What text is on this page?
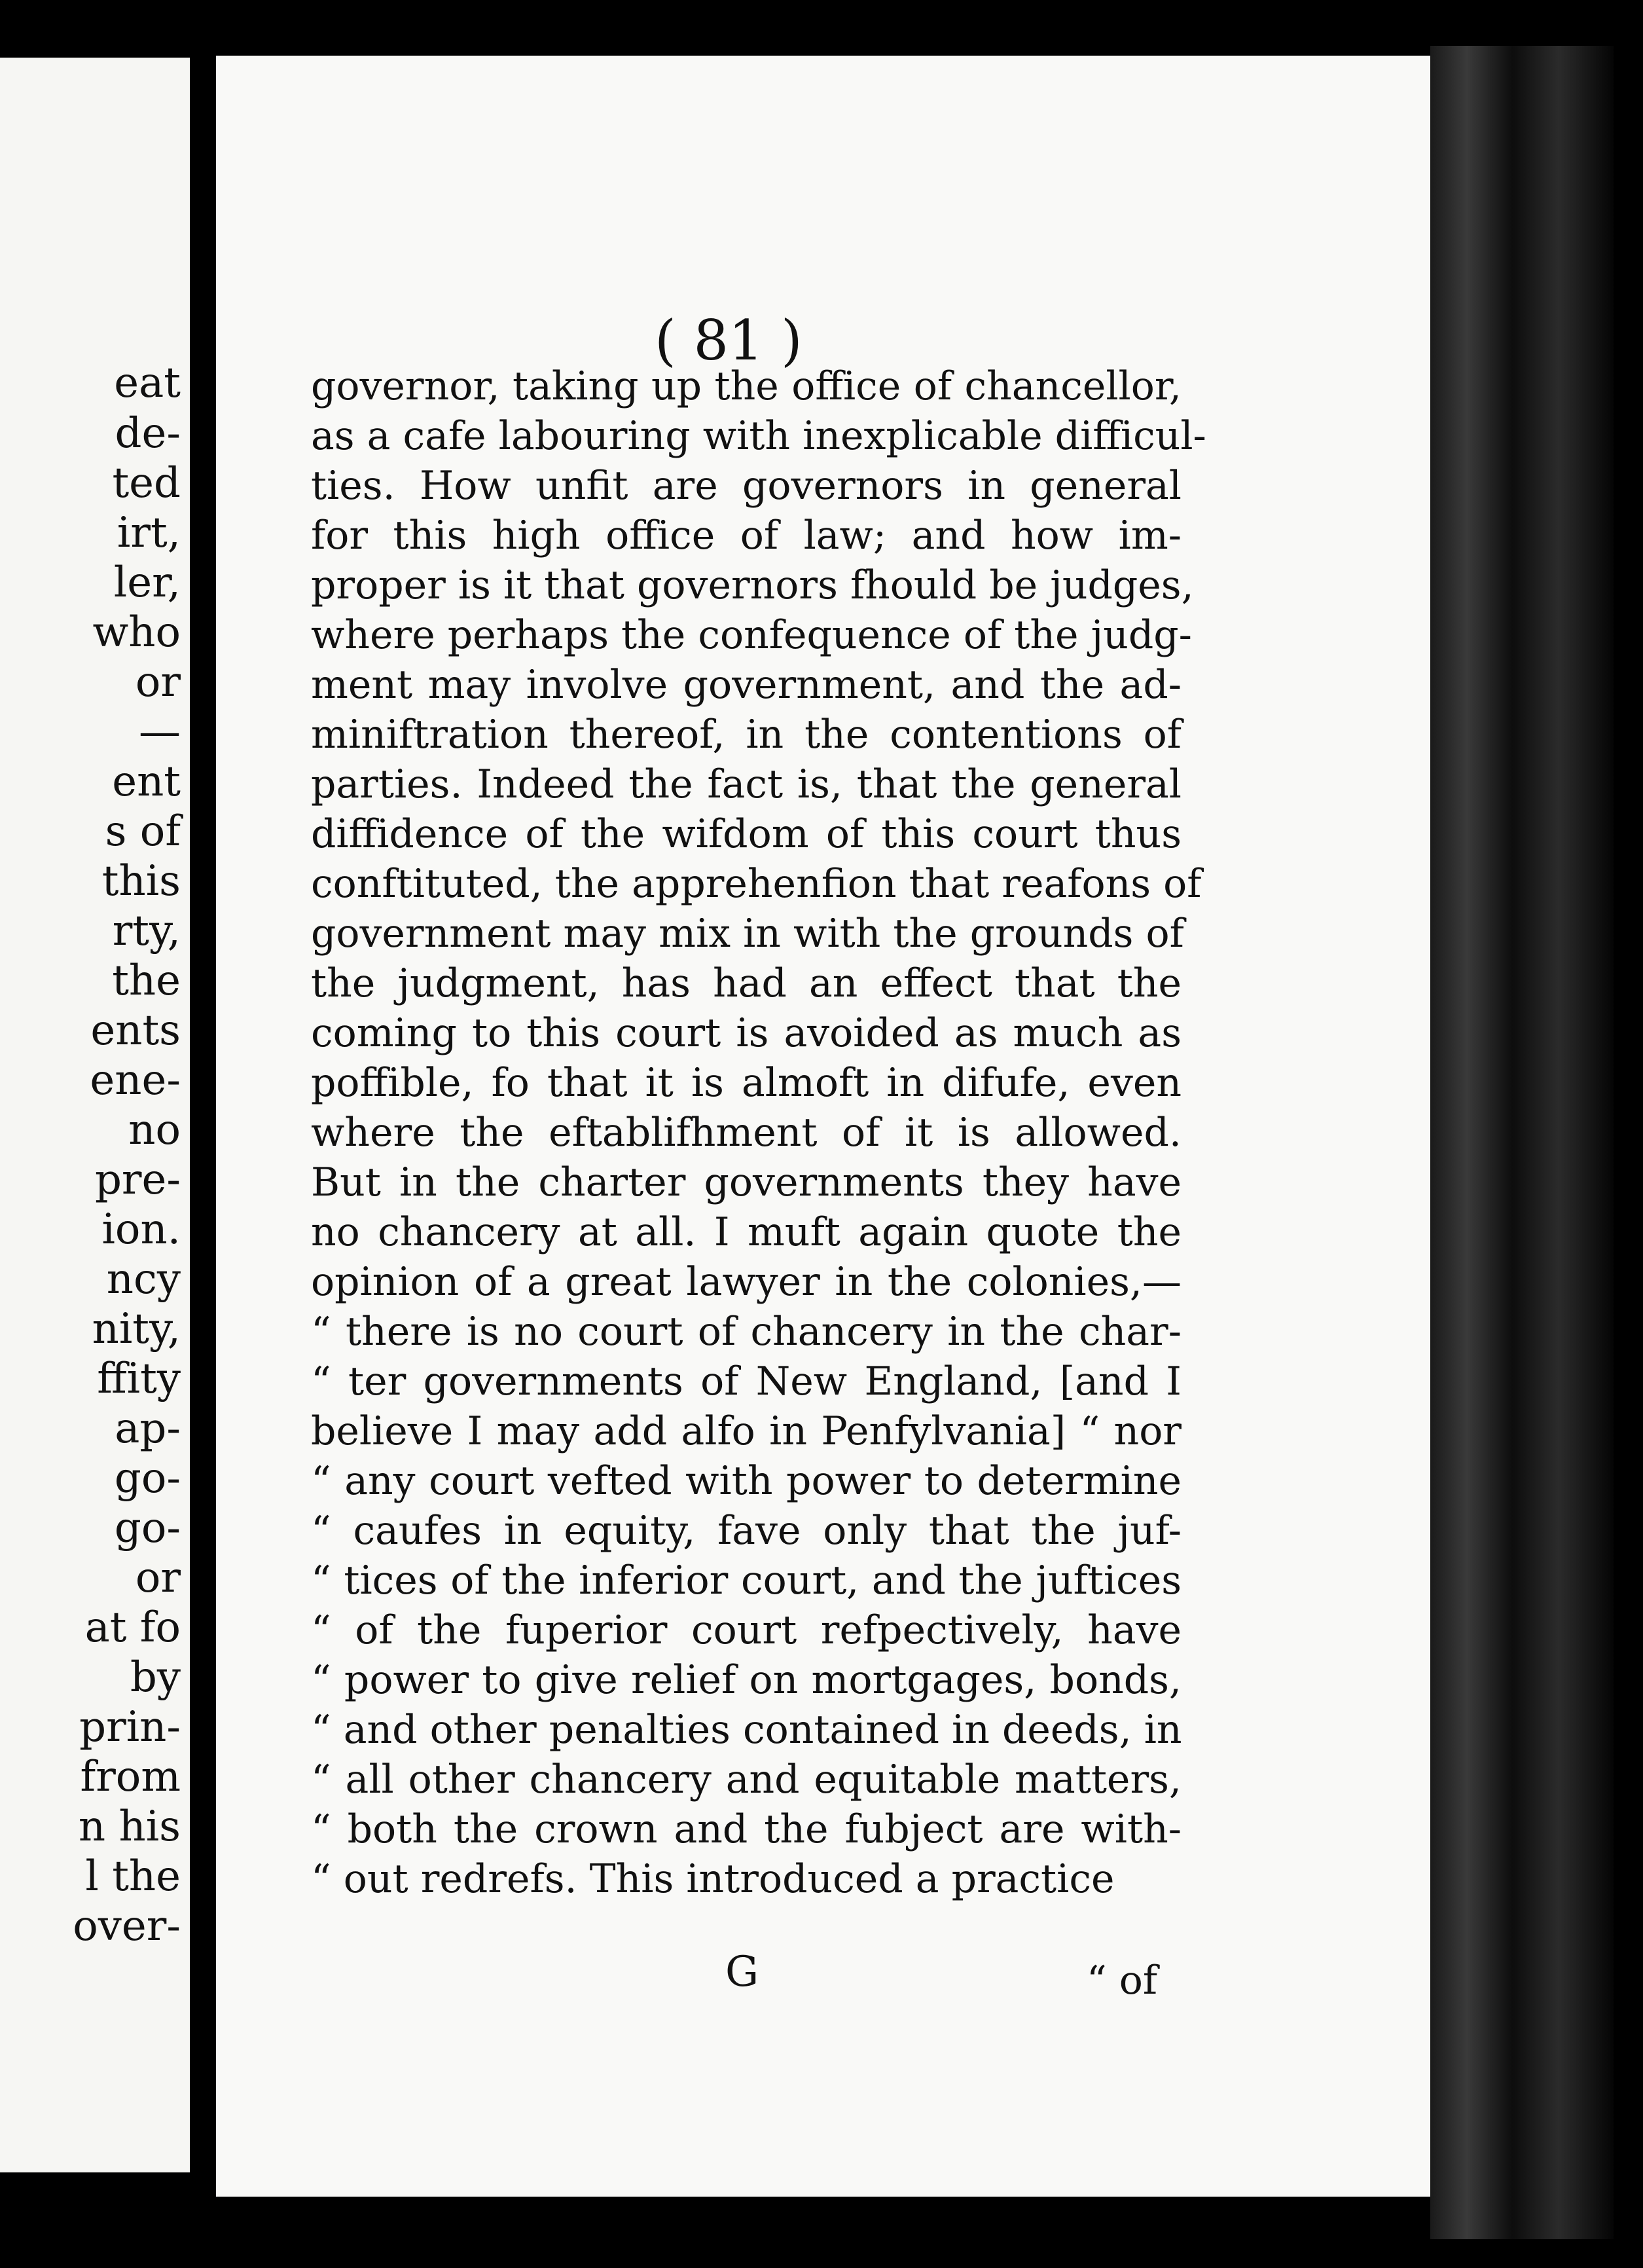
eat

de-

ted

irt,

ler,

who

or

—

ent

s of

this

rty,

the

ents

ene-

no

pre-

ion.

ncy

nity,

ffity

ap-

go-

go-

or

at fo

by

prin-

from

n his

l the

over-

( 81 )

governor, taking up the office of chancellor,

as a cafe labouring with inexplicable difficul-

ties. How unfit are governors in general

for this high office of law; and how im-

proper is it that governors fhould be judges,

where perhaps the confequence of the judg-

ment may involve government, and the ad-

miniftration thereof, in the contentions of

parties. Indeed the fact is, that the general

diffidence of the wifdom of this court thus

conftituted, the apprehenfion that reafons of

government may mix in with the grounds of

the judgment, has had an effect that the

coming to this court is avoided as much as

poffible, fo that it is almoft in difufe, even

where the eftablifhment of it is allowed.

But in the charter governments they have

no chancery at all. I muft again quote the

opinion of a great lawyer in the colonies,—

“ there is no court of chancery in the char-

“ ter governments of New England, [and I

believe I may add alfo in Penfylvania] “ nor

“ any court vefted with power to determine

“ caufes in equity, fave only that the juf-

“ tices of the inferior court, and the juftices

“ of the fuperior court refpectively, have

“ power to give relief on mortgages, bonds,

“ and other penalties contained in deeds, in

“ all other chancery and equitable matters,

“ both the crown and the fubject are with-

“ out redrefs. This introduced a practice

G	“ of
